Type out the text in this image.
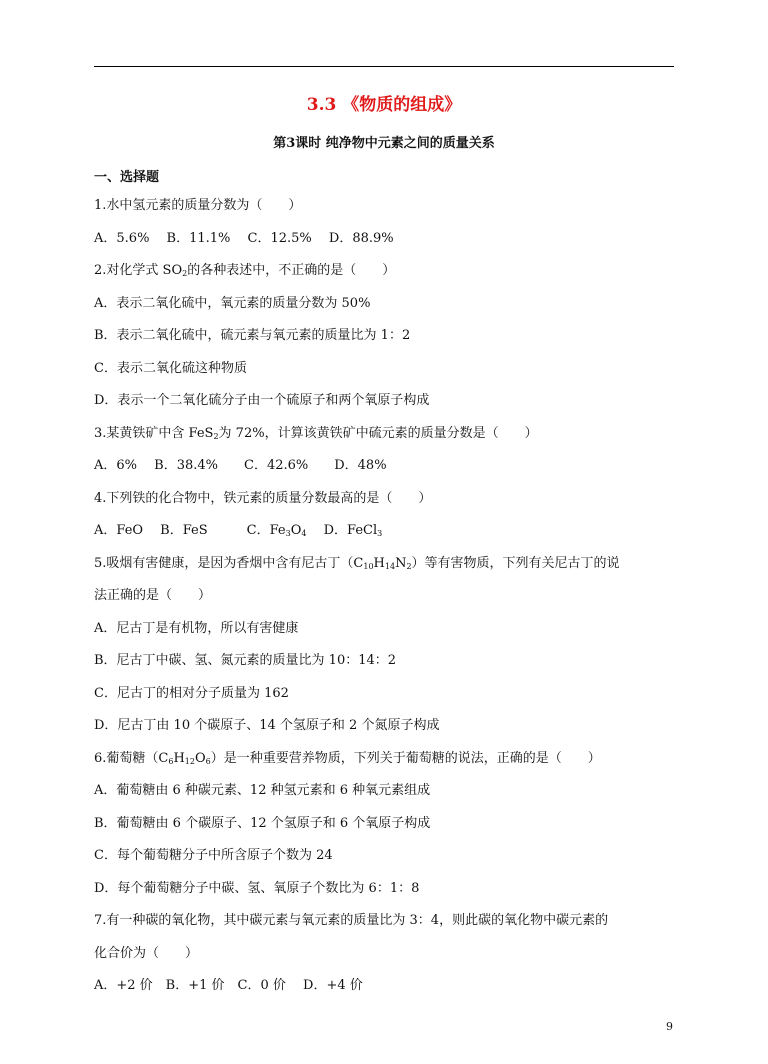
3.3 《物质的组成》
第3课时 纯净物中元素之间的质量关系
一、选择题
1.水中氢元素的质量分数为（　　）
A．5.6%　 B．11.1%　 C．12.5%　 D．88.9%
2.对化学式 $SO_2$的各种表述中，不正确的是（　　）
A．表示二氧化硫中，氧元素的质量分数为 50%
B．表示二氧化硫中，硫元素与氧元素的质量比为 1：2
C．表示二氧化硫这种物质
D．表示一个二氧化硫分子由一个硫原子和两个氧原子构成
3.某黄铁矿中含 FeS$_2$为 72%，计算该黄铁矿中硫元素的质量分数是（　　）
A．6%　 B．38.4%　　C．42.6%　　D．48%
4.下列铁的化合物中，铁元素的质量分数最高的是（　　）
A．FeO　 B．FeS　　　C．$Fe_3O_4$　 D．FeCl$_3$
5.吸烟有害健康，是因为香烟中含有尼古丁$(C_{10}H_{14}N_2)$等有害物质，下列有关尼古丁的说
法正确的是（　　）
A．尼古丁是有机物，所以有害健康
B．尼古丁中碳、氢、氮元素的质量比为 10：14：2
C．尼古丁的相对分子质量为 162
D．尼古丁由 10 个碳原子、14 个氢原子和 2 个氮原子构成
6.葡萄糖$(C_6H_{12}O_6)$是一种重要营养物质，下列关于葡萄糖的说法，正确的是（　　）
A．葡萄糖由 6 种碳元素、12 种氢元素和 6 种氧元素组成
B．葡萄糖由 6 个碳原子、12 个氢原子和 6 个氧原子构成
C．每个葡萄糖分子中所含原子个数为 24
D．每个葡萄糖分子中碳、氢、氧原子个数比为 6：1：8
7.有一种碳的氧化物，其中碳元素与氧元素的质量比为 3：4，则此碳的氧化物中碳元素的
化合价为（　　）
A．+2 价　B．+1 价　C．0 价　 D．+4 价
9
